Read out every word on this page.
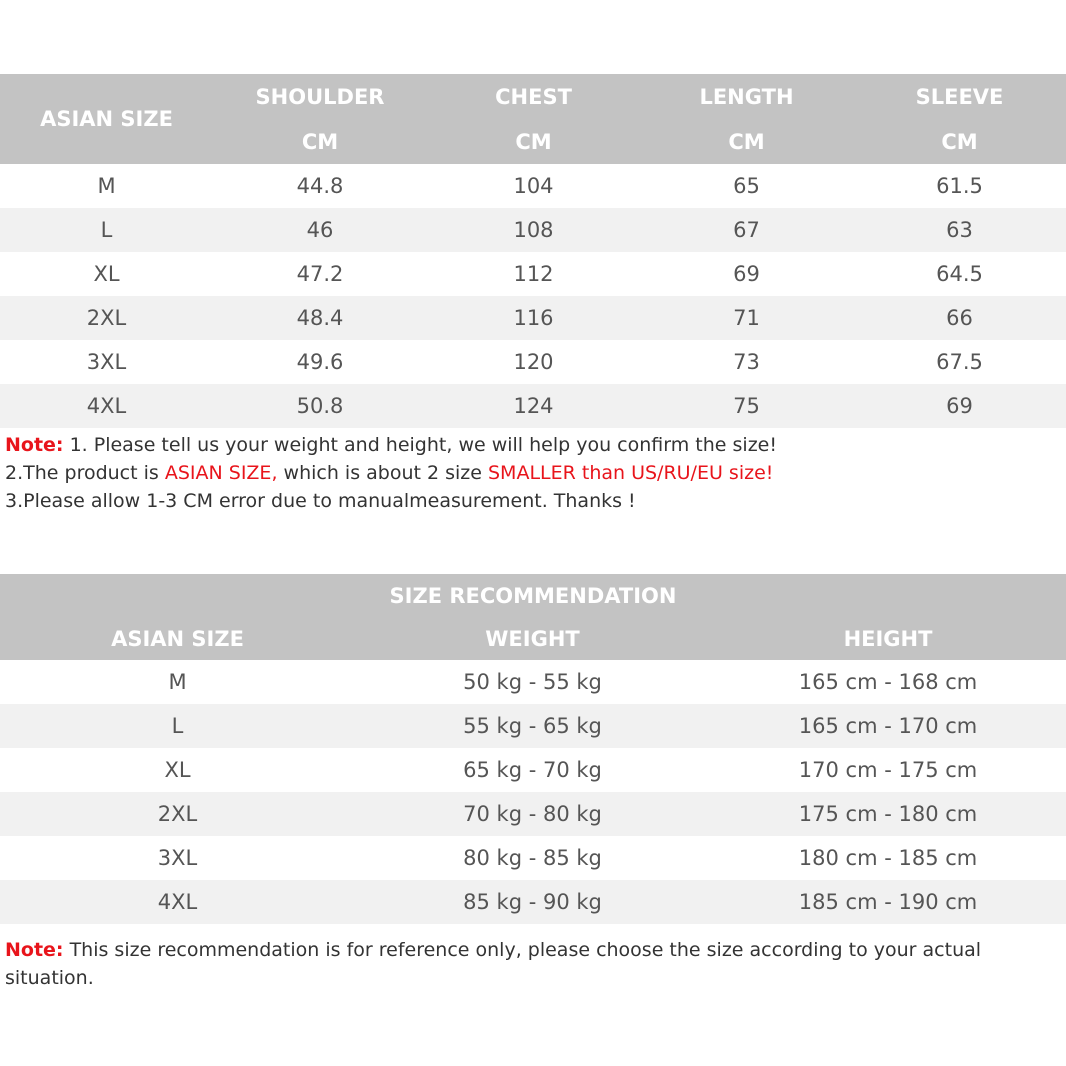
ASIAN SIZE	SHOULDER	CHEST	LENGTH	SLEEVE
	CM	CM	CM	CM
M	44.8	104	65	61.5
L	46	108	67	63
XL	47.2	112	69	64.5
2XL	48.4	116	71	66
3XL	49.6	120	73	67.5
4XL	50.8	124	75	69
Note: 1. Please tell us your weight and height, we will help you confirm the size!
2.The product is ASIAN SIZE, which is about 2 size SMALLER than US/RU/EU size!
3.Please allow 1-3 CM error due to manualmeasurement. Thanks !
SIZE RECOMMENDATION		
ASIAN SIZE	WEIGHT	HEIGHT
M	50 kg - 55 kg	165 cm - 168 cm
L	55 kg - 65 kg	165 cm - 170 cm
XL	65 kg - 70 kg	170 cm - 175 cm
2XL	70 kg - 80 kg	175 cm - 180 cm
3XL	80 kg - 85 kg	180 cm - 185 cm
4XL	85 kg - 90 kg	185 cm - 190 cm
Note: This size recommendation is for reference only, please choose the size according to your actual
situation.
